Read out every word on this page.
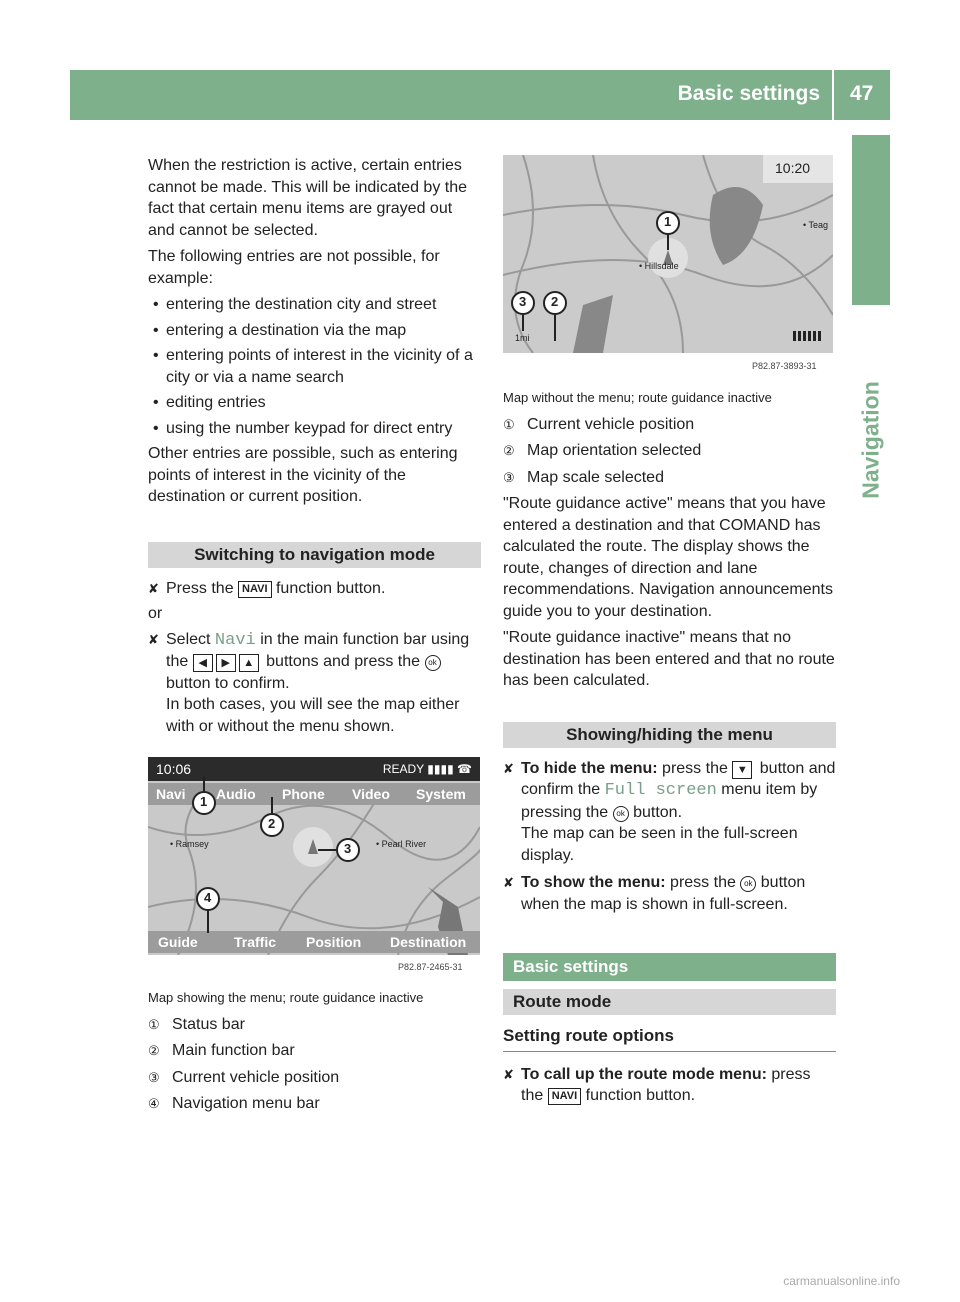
Basic settings 47
Navigation

When the restriction is active, certain entries cannot be made. This will be indicated by the fact that certain menu items are grayed out and cannot be selected.

The following entries are not possible, for example:

• entering the destination city and street
• entering a destination via the map
• entering points of interest in the vicinity of a city or via a name search
• editing entries
• using the number keypad for direct entry

Other entries are possible, such as entering points of interest in the vicinity of the destination or current position.

Switching to navigation mode
✘ Press the NAVI function button.

or

✘ Select Navi in the main function bar using the ◀ ▶ ▲ buttons and press the ok button to confirm.
In both cases, you will see the map either with or without the menu shown.
10:06	READY ▮▮▮▮ ☎
Navi Audio Phone Video System
• Ramsey	• Pearl River
Guide	Traffic Position Destination
1
2
3
4
P82.87-2465-31

Map showing the menu; route guidance inactive

① Status bar
② Main function bar
③ Current vehicle position
④ Navigation menu bar
10:20
• Teag
• Hillsdale
1mi
1
2
3
P82.87-3893-31

Map without the menu; route guidance inactive

① Current vehicle position
② Map orientation selected
③ Map scale selected

"Route guidance active" means that you have entered a destination and that COMAND has calculated the route. The display shows the route, changes of direction and lane recommendations. Navigation announcements guide you to your destination.

"Route guidance inactive" means that no destination has been entered and that no route has been calculated.

Showing/hiding the menu
✘ To hide the menu: press the ▼ button and confirm the Full screen menu item by pressing the ok button.
The map can be seen in the full-screen display.
✘ To show the menu: press the ok button when the map is shown in full-screen.
Basic settings
Route mode
Setting route options
✘ To call up the route mode menu: press the NAVI function button.
carmanualsonline.info
